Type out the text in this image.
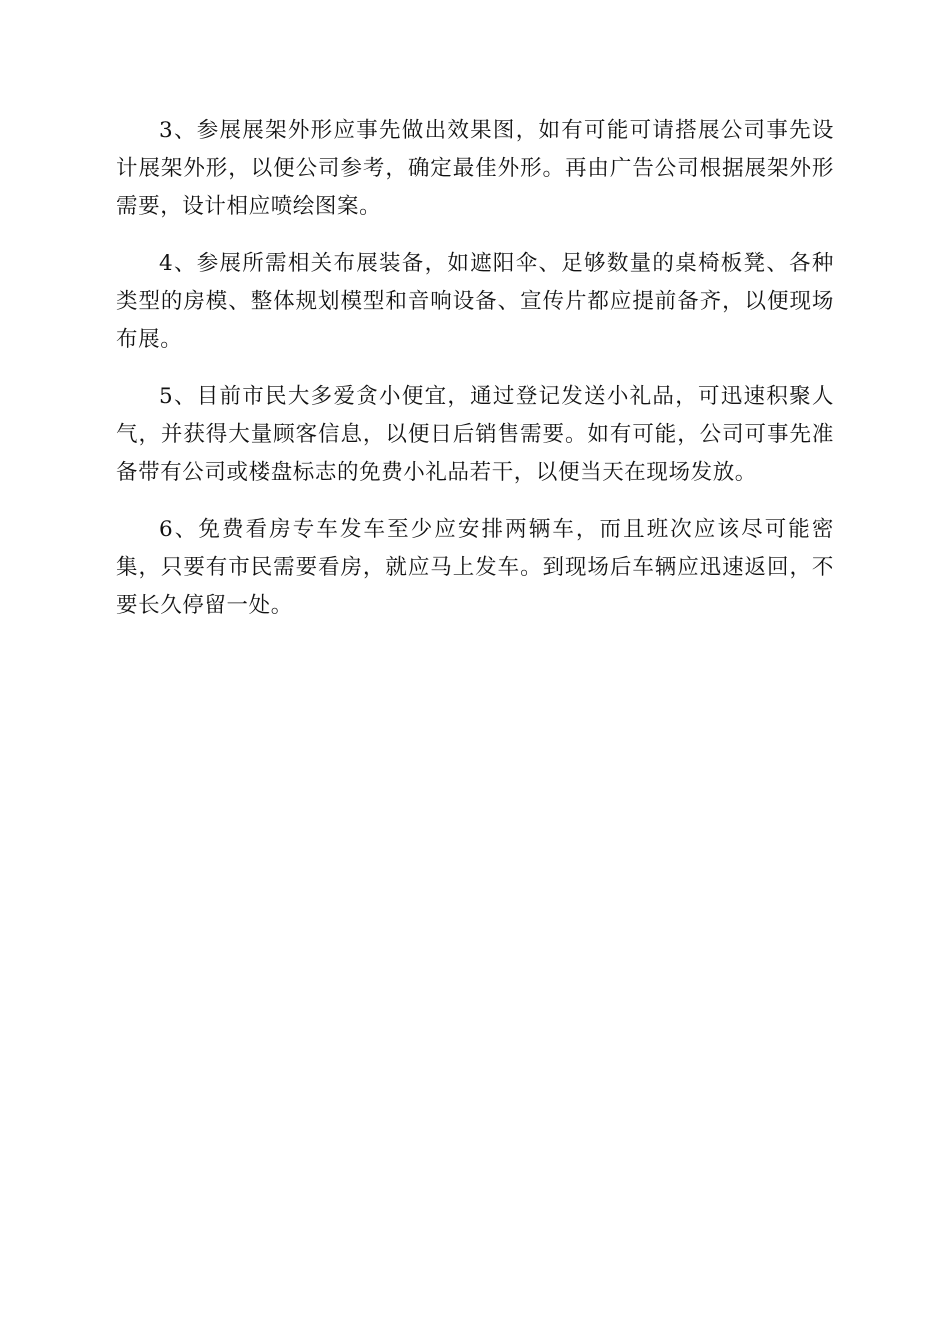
3、参展展架外形应事先做出效果图，如有可能可请搭展公司事先设计展架外形，以便公司参考，确定最佳外形。再由广告公司根据展架外形需要，设计相应喷绘图案。

4、参展所需相关布展装备，如遮阳伞、足够数量的桌椅板凳、各种类型的房模、整体规划模型和音响设备、宣传片都应提前备齐，以便现场布展。

5、目前市民大多爱贪小便宜，通过登记发送小礼品，可迅速积聚人气，并获得大量顾客信息，以便日后销售需要。如有可能，公司可事先准备带有公司或楼盘标志的免费小礼品若干，以便当天在现场发放。

6、免费看房专车发车至少应安排两辆车，而且班次应该尽可能密集，只要有市民需要看房，就应马上发车。到现场后车辆应迅速返回，不要长久停留一处。
